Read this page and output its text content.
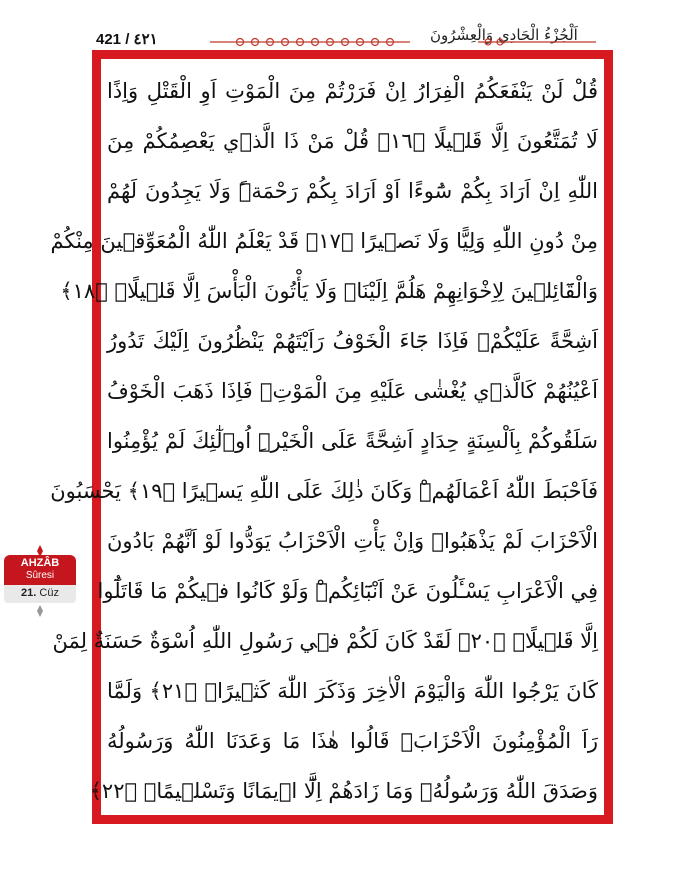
421 / ٤٢١	اَلْجُزْءُ الْحَادِي وَالْعِشْرُونَ
قُلْ لَنْ يَنْفَعَكُمُ الْفِرَارُ اِنْ فَرَرْتُمْ مِنَ الْمَوْتِ اَوِ الْقَتْلِ وَاِذًا
لَا تُمَتَّعُونَ اِلَّا قَل۪يلًا ﴿١٦﴾ قُلْ مَنْ ذَا الَّذ۪ي يَعْصِمُكُمْ مِنَ
اللّٰهِ اِنْ اَرَادَ بِكُمْ سُٓوءًا اَوْ اَرَادَ بِكُمْ رَحْمَةًۜ وَلَا يَجِدُونَ لَهُمْ
مِنْ دُونِ اللّٰهِ وَلِيًّا وَلَا نَص۪يرًا ﴿١٧﴾ قَدْ يَعْلَمُ اللّٰهُ الْمُعَوِّق۪ينَ مِنْكُمْ
وَالْقَٓائِل۪ينَ لِاِخْوَانِهِمْ هَلُمَّ اِلَيْنَاۚ وَلَا يَأْتُونَ الْبَأْسَ اِلَّا قَل۪يلًاۙ ﴿١٨﴾
اَشِحَّةً عَلَيْكُمْۚ فَاِذَا جَٓاءَ الْخَوْفُ رَاَيْتَهُمْ يَنْظُرُونَ اِلَيْكَ تَدُورُ
اَعْيُنُهُمْ كَالَّذ۪ي يُغْشٰى عَلَيْهِ مِنَ الْمَوْتِۚ فَاِذَا ذَهَبَ الْخَوْفُ
سَلَقُوكُمْ بِاَلْسِنَةٍ حِدَادٍ اَشِحَّةً عَلَى الْخَيْرِۜ اُو۬لٰٓئِكَ لَمْ يُؤْمِنُوا
فَاَحْبَطَ اللّٰهُ اَعْمَالَهُمْۜ وَكَانَ ذٰلِكَ عَلَى اللّٰهِ يَس۪يرًا ﴿١٩﴾ يَحْسَبُونَ
الْاَحْزَابَ لَمْ يَذْهَبُواۚ وَاِنْ يَأْتِ الْاَحْزَابُ يَوَدُّوا لَوْ اَنَّهُمْ بَادُونَ
فِي الْاَعْرَابِ يَسْـَٔلُونَ عَنْ اَنْبَٓائِكُمْۜ وَلَوْ كَانُوا ف۪يكُمْ مَا قَاتَلُٓوا
اِلَّا قَل۪يلًا۟ ﴿٢٠﴾ لَقَدْ كَانَ لَكُمْ ف۪ي رَسُولِ اللّٰهِ اُسْوَةٌ حَسَنَةٌ لِمَنْ
كَانَ يَرْجُوا اللّٰهَ وَالْيَوْمَ الْاٰخِرَ وَذَكَرَ اللّٰهَ كَث۪يرًاۜ ﴿٢١﴾ وَلَمَّا
رَاَ الْمُؤْمِنُونَ الْاَحْزَابَۙ قَالُوا هٰذَا مَا وَعَدَنَا اللّٰهُ وَرَسُولُهُ
وَصَدَقَ اللّٰهُ وَرَسُولُهُۘ وَمَا زَادَهُمْ اِلَّٓا ا۪يمَانًا وَتَسْل۪يمًاۜ ﴿٢٢﴾
AHZÂB
Sûresi
21. Cüz
